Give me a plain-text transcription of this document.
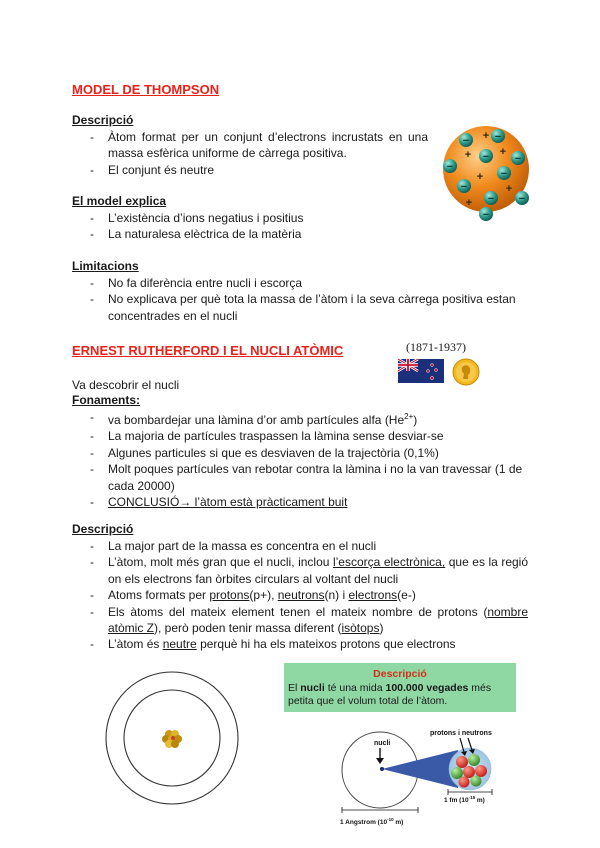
MODEL DE THOMPSON
Descripció
- Àtom format per un conjunt d’electrons incrustats en una massa esfèrica uniforme de càrrega positiva.
- El conjunt és neutre
El model explica
- L’existència d’ions negatius i positius
- La naturalesa elèctrica de la matèria
Limitacions
- No fa diferència entre nucli i escorça
- No explicava per què tota la massa de l’àtom i la seva càrrega positiva estan concentrades en el nucli
+
+
+
+
+
+
− −
− −
−
−
−
− −
−
ERNEST RUTHERFORD I EL NUCLI ATÒMIC	(1871-1937)
Va descobrir el nucli
Fonaments:
- va bombardejar una làmina d’or amb partícules alfa $(He^{2+})$
- La majoria de partícules traspassen la làmina sense desviar-se
- Algunes particules si que es desviaven de la trajectòria (0,1%)
- Molt poques partícules van rebotar contra la làmina i no la van travessar (1 de cada 20000)
- CONCLUSIÓ→ l’àtom està pràcticament buit
Descripció
- La major part de la massa es concentra en el nucli
- L’àtom, molt més gran que el nucli, inclou l’escorça electrònica, que es la regió on els electrons fan òrbites circulars al voltant del nucli
- Atoms formats per protons(p+), neutrons(n) i electrons(e-)
- Els àtoms del mateix element tenen el mateix nombre de protons (nombre atòmic Z), però poden tenir massa diferent (isòtops)
- L’àtom és neutre perquè hi ha els mateixos protons que electrons
Descripció
El nucli té una mida 100.000 vegades més petita que el volum total de l’àtom.
nucli
protons i neutrons
1 fm ($10^{-15}$ m)
1 Angstrom ($10^{-10}$ m)
